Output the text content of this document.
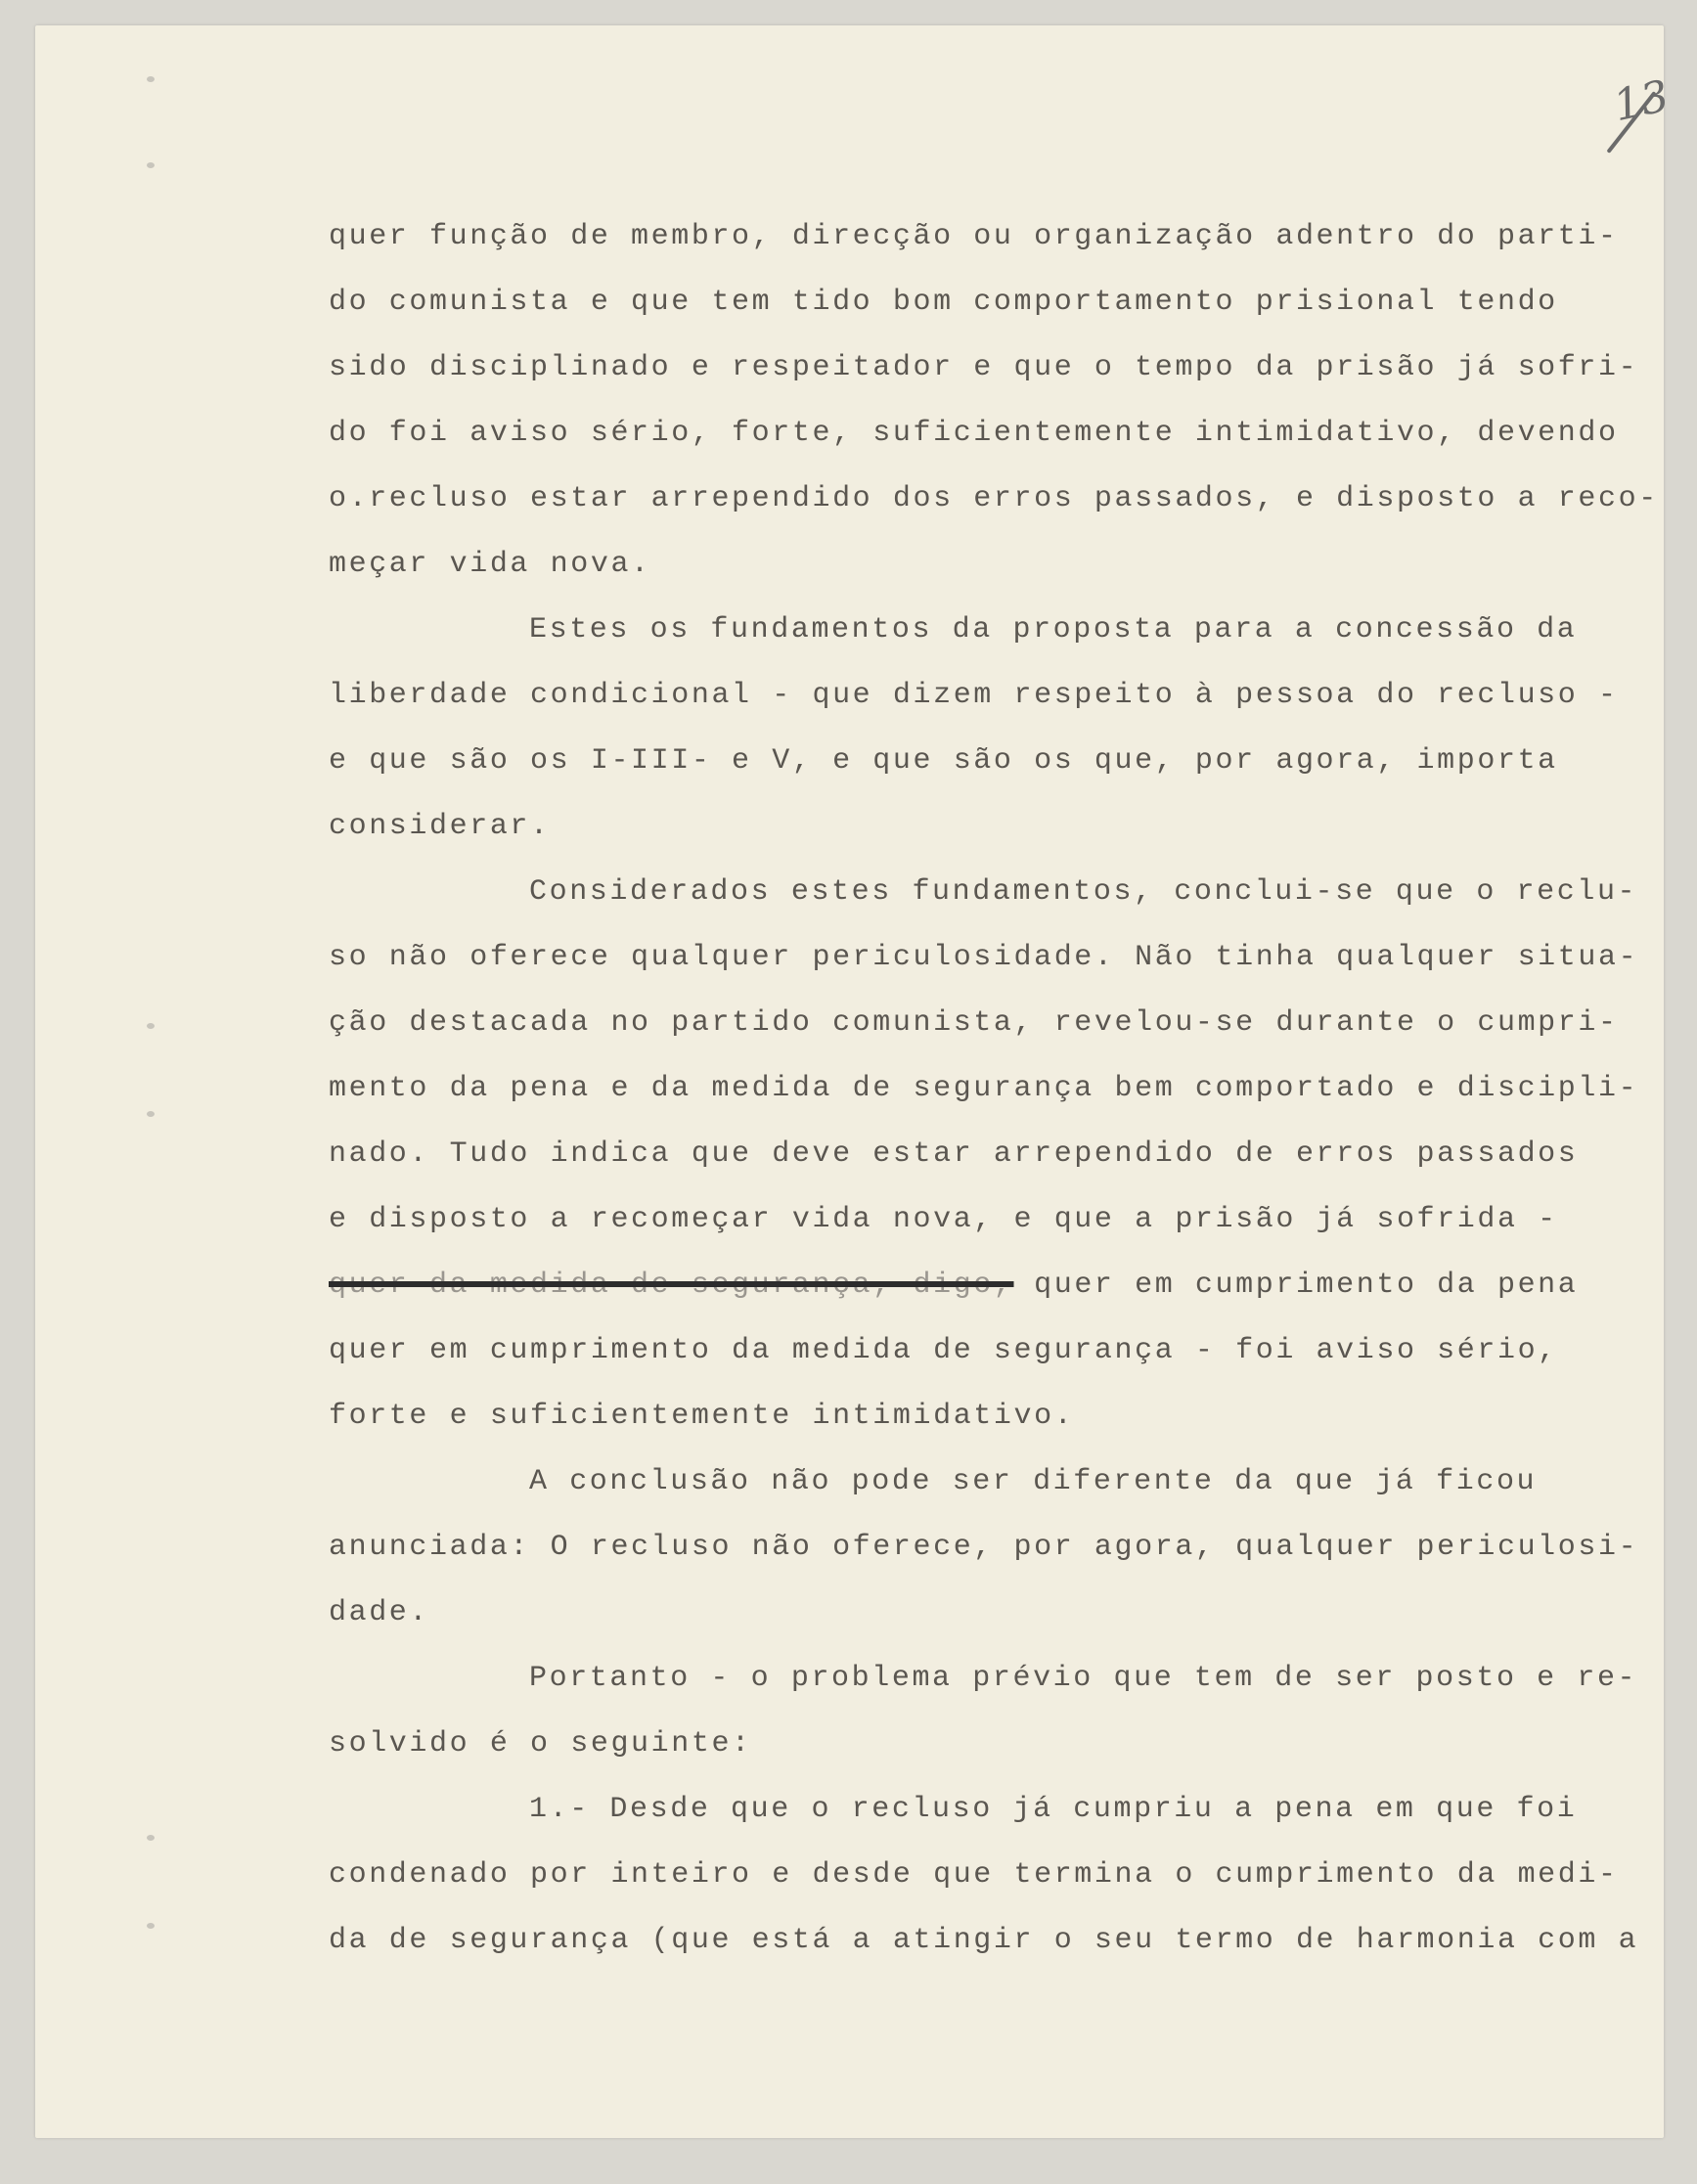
13
quer função de membro, direcção ou organização adentro do parti-
do comunista e que tem tido bom comportamento prisional tendo
sido disciplinado e respeitador e que o tempo da prisão já sofri-
do foi aviso sério, forte, suficientemente intimidativo, devendo
o.recluso estar arrependido dos erros passados, e disposto a reco-
meçar vida nova.
Estes os fundamentos da proposta para a concessão da
liberdade condicional - que dizem respeito à pessoa do recluso -
e que são os I-III- e V, e que são os que, por agora, importa
considerar.
Considerados estes fundamentos, conclui-se que o reclu-
so não oferece qualquer periculosidade. Não tinha qualquer situa-
ção destacada no partido comunista, revelou-se durante o cumpri-
mento da pena e da medida de segurança bem comportado e discipli-
nado. Tudo indica que deve estar arrependido de erros passados
e disposto a recomeçar vida nova, e que a prisão já sofrida -
quer da medida de segurança, digo, quer em cumprimento da pena
quer em cumprimento da medida de segurança - foi aviso sério,
forte e suficientemente intimidativo.
A conclusão não pode ser diferente da que já ficou
anunciada: O recluso não oferece, por agora, qualquer periculosi-
dade.
Portanto - o problema prévio que tem de ser posto e re-
solvido é o seguinte:
1.- Desde que o recluso já cumpriu a pena em que foi
condenado por inteiro e desde que termina o cumprimento da medi-
da de segurança (que está a atingir o seu termo de harmonia com a
